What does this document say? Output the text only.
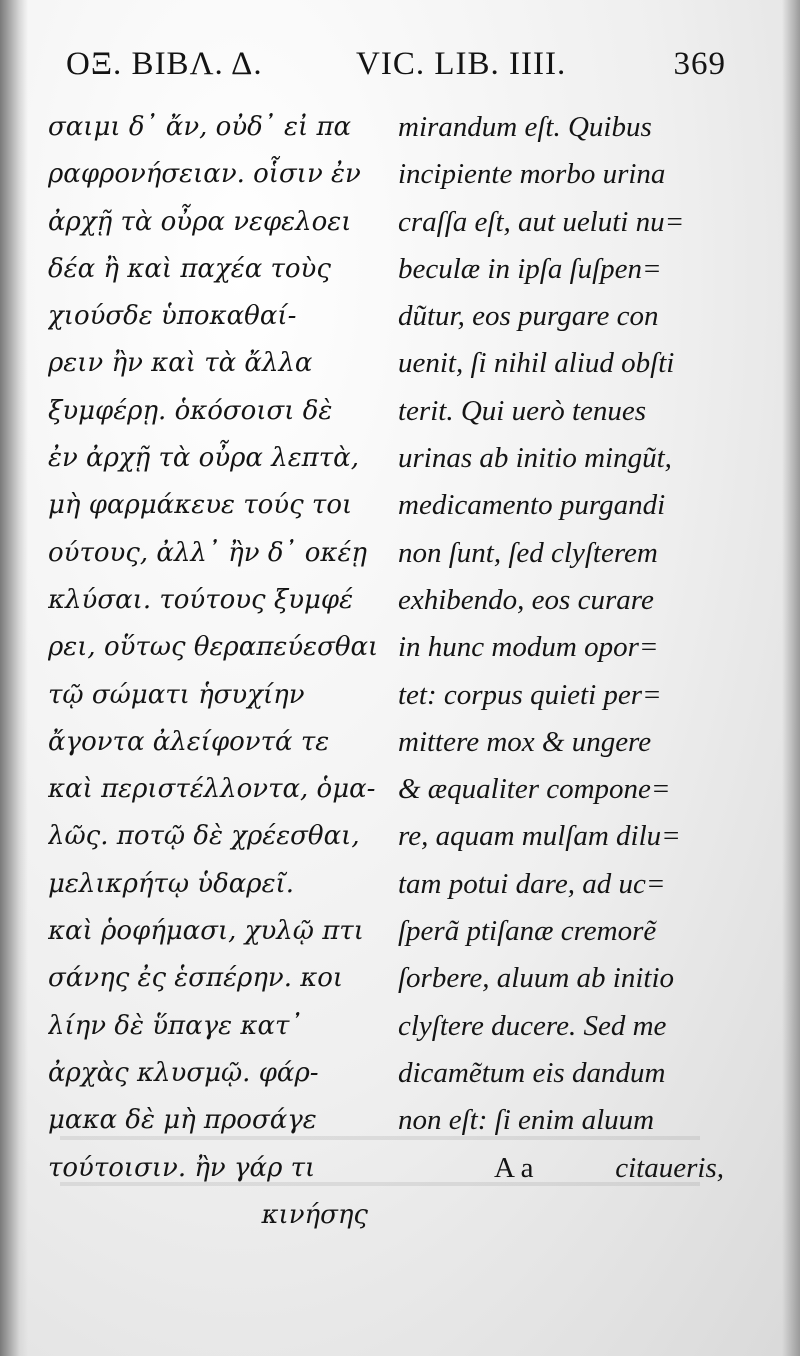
ΟΞ. ΒΙΒΛ. Δ.	VIC. LIB. IIII.	369
σαιμι δ᾽ ἄν, οὐδ᾽ εἰ πα
ραφρονήσειαν. οἷσιν ἐν
ἀρχῇ τὰ οὖρα νεφελοει
δέα ἢ καὶ παχέα τοὺς
χιούσδε ὑποκαθαί-
ρειν ἢν καὶ τὰ ἄλλα
ξυμφέρῃ. ὁκόσοισι δὲ
ἐν ἀρχῇ τὰ οὖρα λεπτὰ,
μὴ φαρμάκευε τούς τοι
ούτους, ἀλλ᾽ ἢν δ᾽ οκέῃ
κλύσαι. τούτους ξυμφέ
ρει, οὕτως θεραπεύεσθαι
τῷ σώματι ἡσυχίην
ἄγοντα ἀλείφοντά τε
καὶ περιστέλλοντα, ὁμα-
λῶς. ποτῷ δὲ χρέεσθαι,
μελικρήτῳ ὑδαρεῖ.
καὶ ῥοφήμασι, χυλῷ πτι
σάνης ἐς ἑσπέρην. κοι
λίην δὲ ὕπαγε κατ᾽
ἀρχὰς κλυσμῷ. φάρ-
μακα δὲ μὴ προσάγε
τούτοισιν. ἢν γάρ τι
κινήσης
mirandum eſt. Quibus
incipiente morbo urina
craſſa eſt, aut ueluti nu=
beculæ in ipſa ſuſpen=
dũtur, eos purgare con
uenit, ſi nihil aliud obſti
terit. Qui uerò tenues
urinas ab initio mingũt,
medicamento purgandi
non ſunt, ſed clyſterem
exhibendo, eos curare
in hunc modum opor=
tet: corpus quieti per=
mittere mox & ungere
& æqualiter compone=
re, aquam mulſam dilu=
tam potui dare, ad uc=
ſperã ptiſanæ cremorẽ
ſorbere, aluum ab initio
clyſtere ducere. Sed me
dicamẽtum eis dandum
non eſt: ſi enim aluum
A a	citaueris,
